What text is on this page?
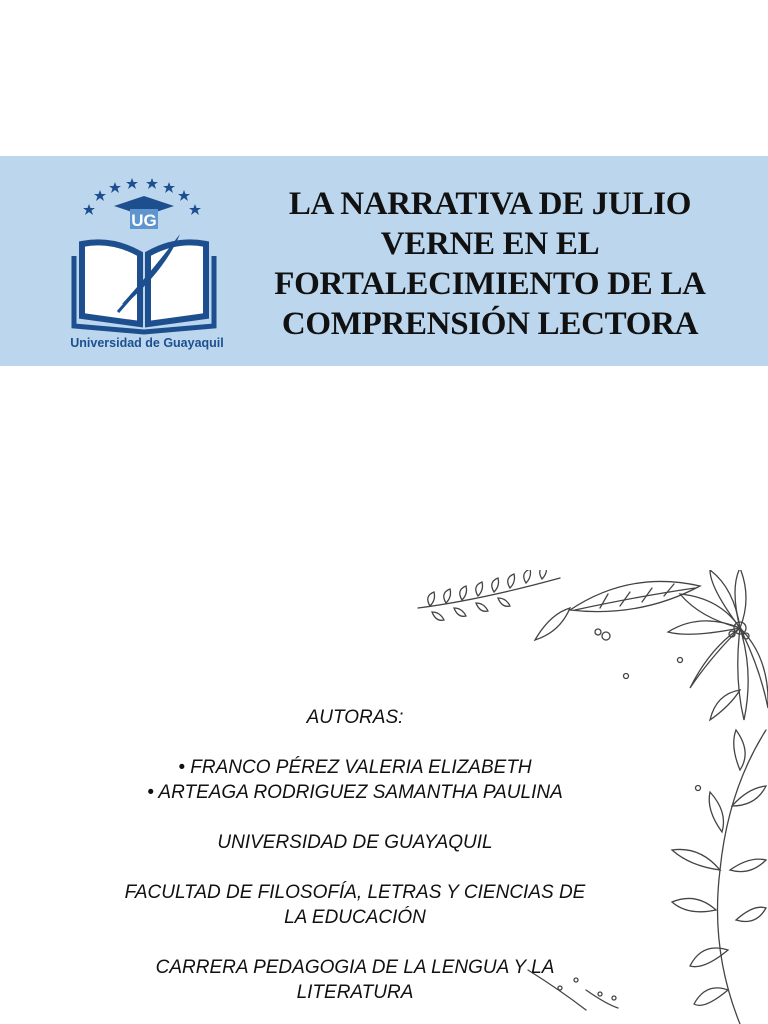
UG
Universidad de Guayaquil
LA NARRATIVA DE JULIO
VERNE EN EL
FORTALECIMIENTO DE LA
COMPRENSIÓN LECTORA

AUTORAS:

• FRANCO PÉREZ VALERIA ELIZABETH

• ARTEAGA RODRIGUEZ SAMANTHA PAULINA

UNIVERSIDAD DE GUAYAQUIL

FACULTAD DE FILOSOFÍA, LETRAS Y CIENCIAS DE

LA EDUCACIÓN

CARRERA PEDAGOGIA DE LA LENGUA Y LA

LITERATURA
